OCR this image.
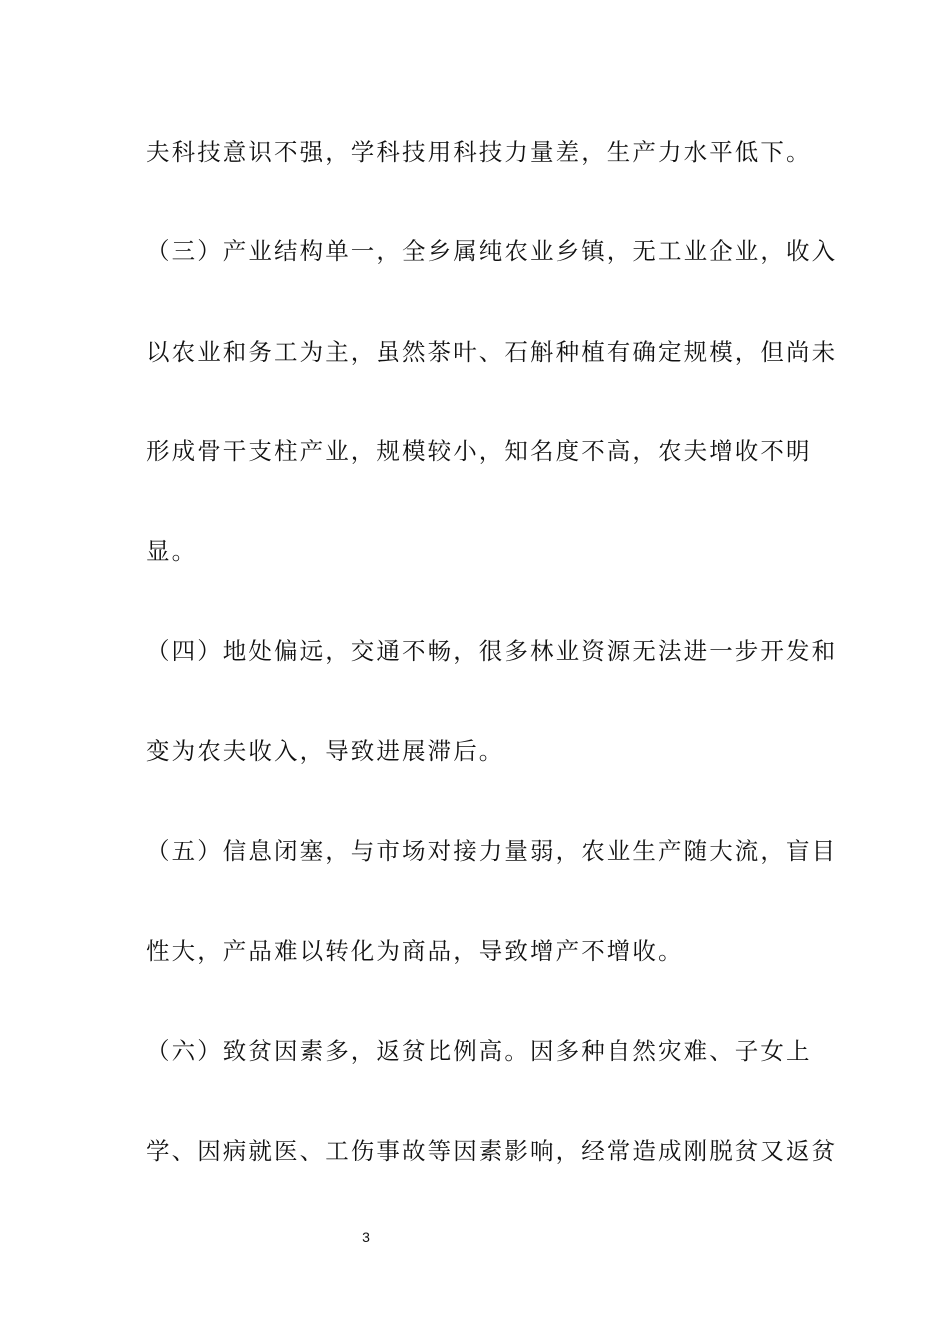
夫科技意识不强，学科技用科技力量差，生产力水平低下。
（三）产业结构单一，全乡属纯农业乡镇，无工业企业，收入
以农业和务工为主，虽然茶叶、石斛种植有确定规模，但尚未
形成骨干支柱产业，规模较小，知名度不高，农夫增收不明
显。
（四）地处偏远，交通不畅，很多林业资源无法进一步开发和
变为农夫收入，导致进展滞后。
（五）信息闭塞，与市场对接力量弱，农业生产随大流，盲目
性大，产品难以转化为商品，导致增产不增收。
（六）致贫因素多，返贫比例高。因多种自然灾难、子女上
学、因病就医、工伤事故等因素影响，经常造成刚脱贫又返贫
3
